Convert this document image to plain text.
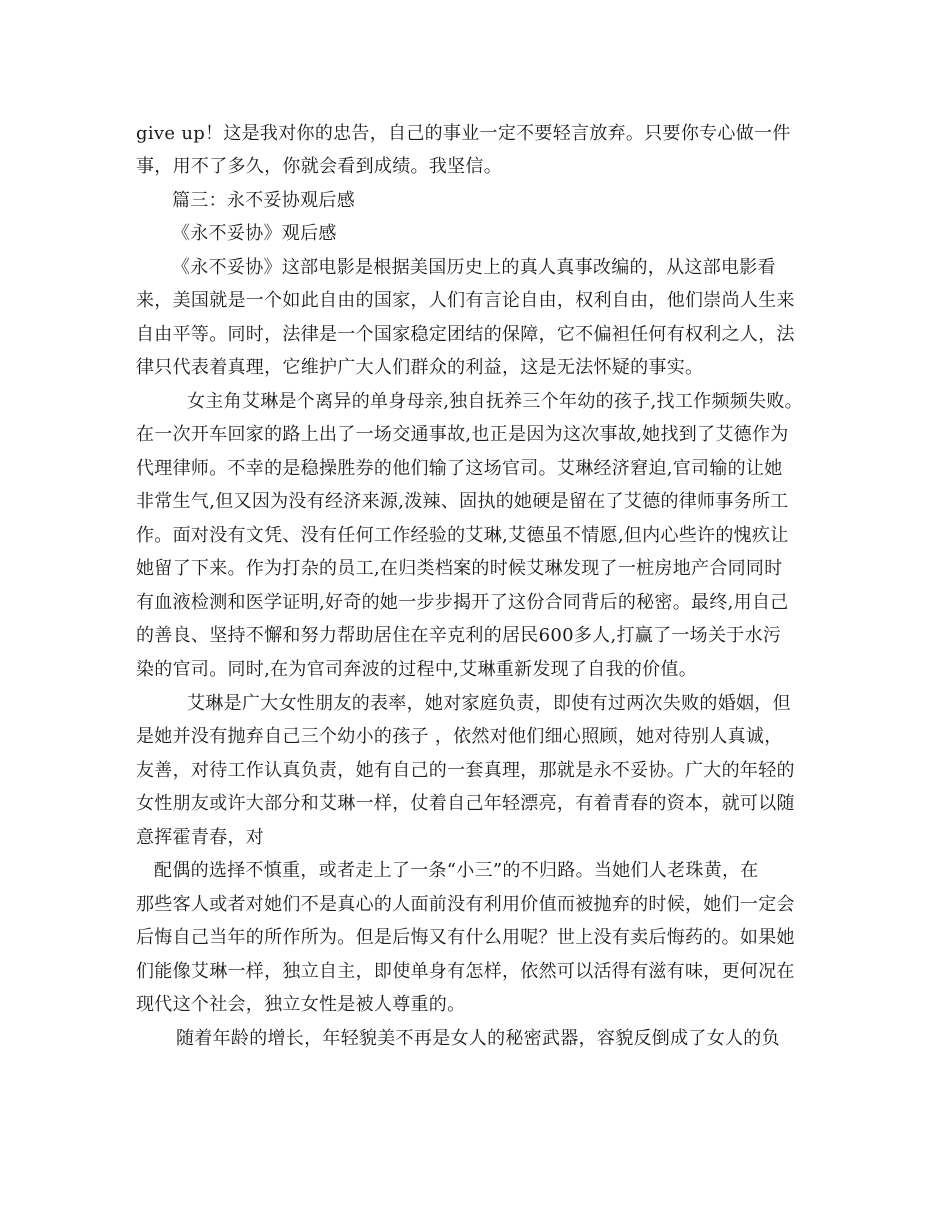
give up！这是我对你的忠告，自己的事业一定不要轻言放弃。只要你专心做一件
事，用不了多久，你就会看到成绩。我坚信。
篇三：永不妥协观后感
《永不妥协》观后感
《永不妥协》这部电影是根据美国历史上的真人真事改编的，从这部电影看
来，美国就是一个如此自由的国家，人们有言论自由，权利自由，他们崇尚人生来
自由平等。同时，法律是一个国家稳定团结的保障，它不偏袒任何有权利之人，法
律只代表着真理，它维护广大人们群众的利益，这是无法怀疑的事实。
女主角艾琳是个离异的单身母亲,独自抚养三个年幼的孩子,找工作频频失败。
在一次开车回家的路上出了一场交通事故,也正是因为这次事故,她找到了艾德作为
代理律师。不幸的是稳操胜券的他们输了这场官司。艾琳经济窘迫,官司输的让她
非常生气,但又因为没有经济来源,泼辣、固执的她硬是留在了艾德的律师事务所工
作。面对没有文凭、没有任何工作经验的艾琳,艾德虽不情愿,但内心些许的愧疚让
她留了下来。作为打杂的员工,在归类档案的时候艾琳发现了一桩房地产合同同时
有血液检测和医学证明,好奇的她一步步揭开了这份合同背后的秘密。最终,用自己
的善良、坚持不懈和努力帮助居住在辛克利的居民600多人,打赢了一场关于水污
染的官司。同时,在为官司奔波的过程中,艾琳重新发现了自我的价值。
艾琳是广大女性朋友的表率，她对家庭负责，即使有过两次失败的婚姻，但
是她并没有抛弃自己三个幼小的孩子 ，依然对他们细心照顾，她对待别人真诚，
友善，对待工作认真负责，她有自己的一套真理，那就是永不妥协。广大的年轻的
女性朋友或许大部分和艾琳一样，仗着自己年轻漂亮，有着青春的资本，就可以随
意挥霍青春，对
配偶的选择不慎重，或者走上了一条“小三”的不归路。当她们人老珠黄，在
那些客人或者对她们不是真心的人面前没有利用价值而被抛弃的时候，她们一定会
后悔自己当年的所作所为。但是后悔又有什么用呢？世上没有卖后悔药的。如果她
们能像艾琳一样，独立自主，即使单身有怎样，依然可以活得有滋有味，更何况在
现代这个社会，独立女性是被人尊重的。
随着年龄的增长，年轻貌美不再是女人的秘密武器，容貌反倒成了女人的负
